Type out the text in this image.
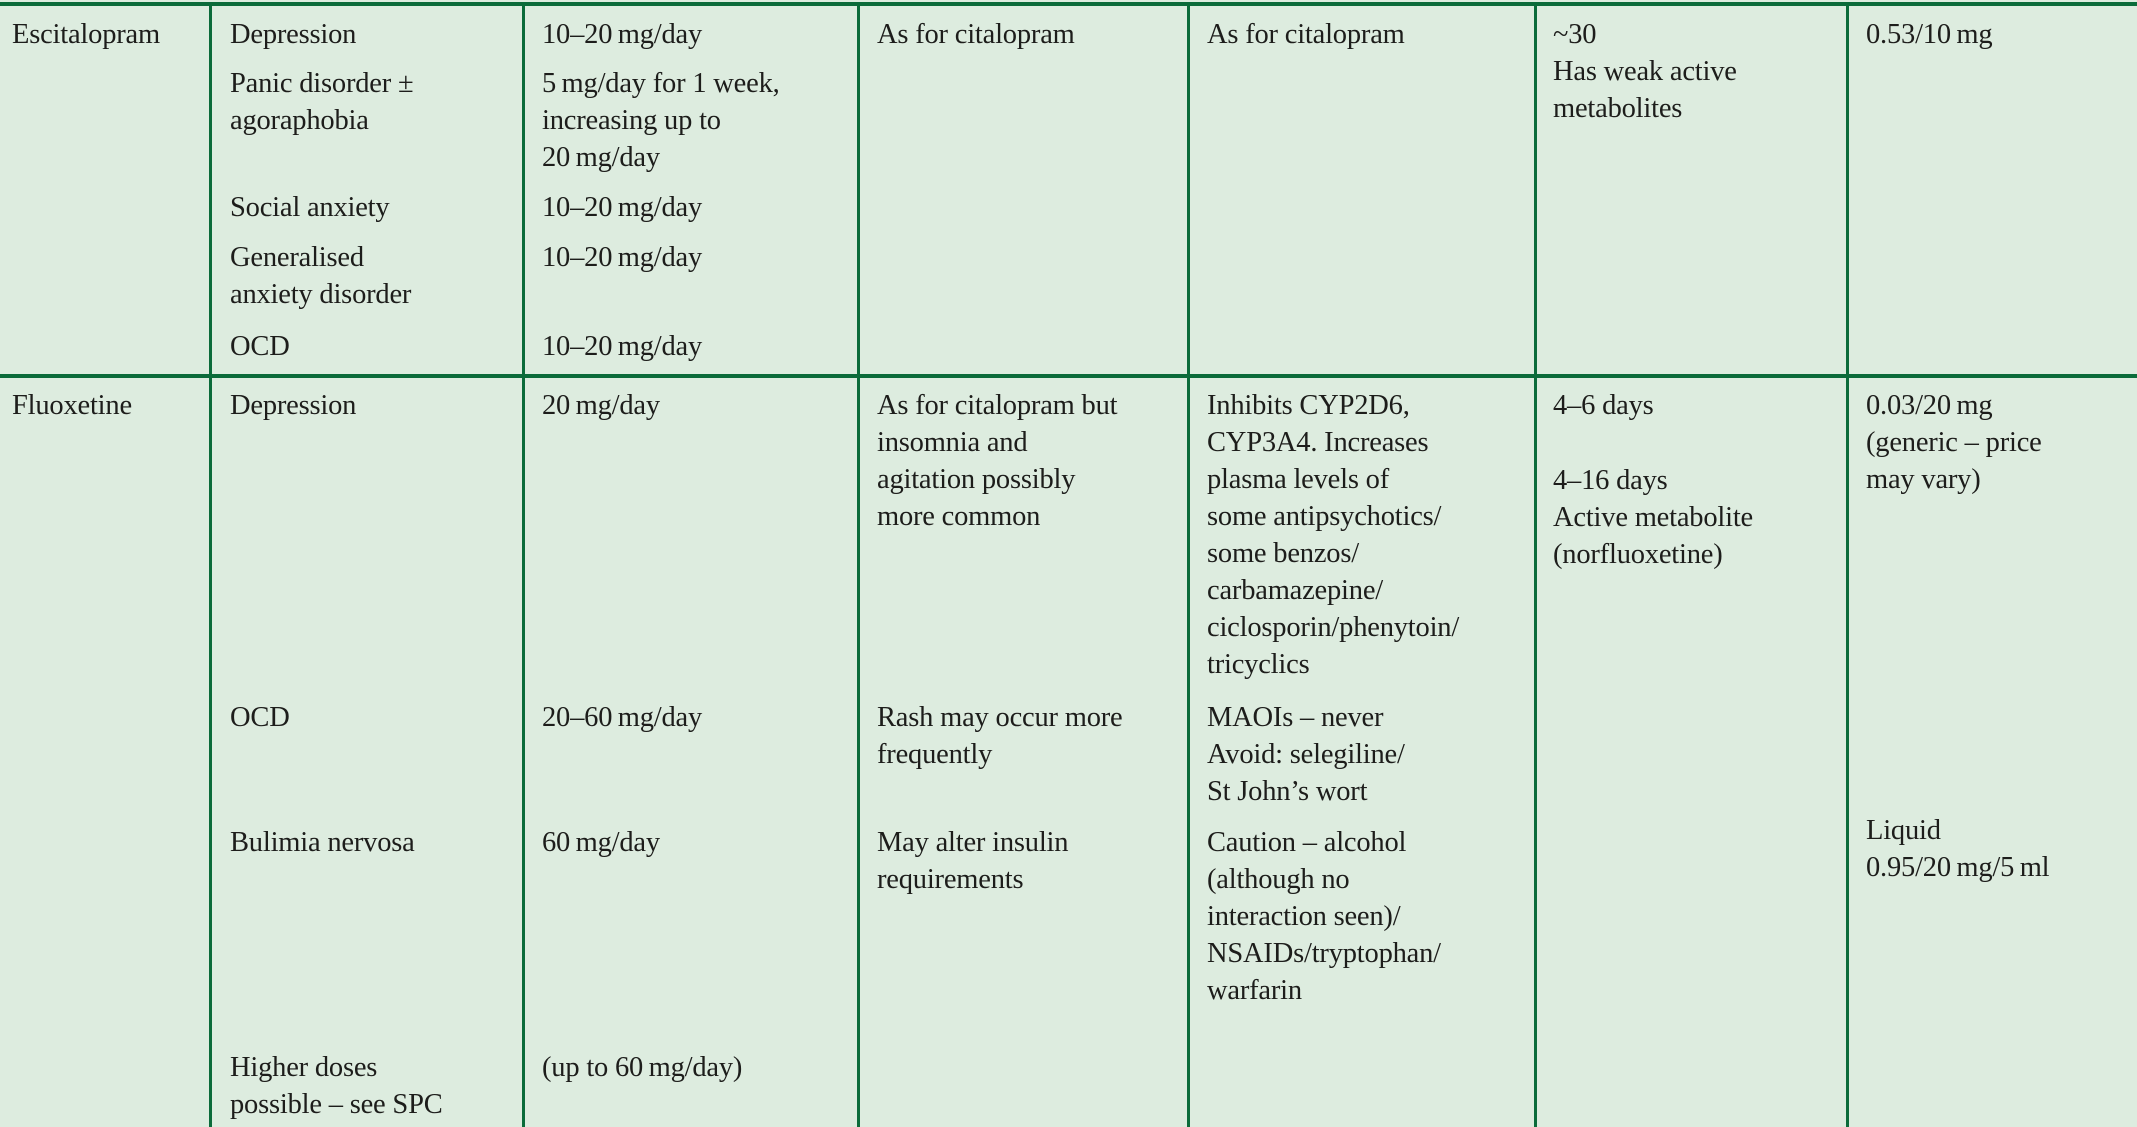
Escitalopram
Fluoxetine
Depression
Panic disorder ±
agoraphobia
Social anxiety
Generalised
anxiety disorder
OCD
Depression
OCD
Bulimia nervosa
Higher doses
possible – see SPC
10–20 mg/day
5 mg/day for 1 week,
increasing up to
20 mg/day
10–20 mg/day
10–20 mg/day
10–20 mg/day
20 mg/day
20–60 mg/day
60 mg/day
(up to 60 mg/day)
As for citalopram
As for citalopram but
insomnia and
agitation possibly
more common
Rash may occur more
frequently
May alter insulin
requirements
As for citalopram
Inhibits CYP2D6,
CYP3A4. Increases
plasma levels of
some antipsychotics/
some benzos/
carbamazepine/
ciclosporin/phenytoin/
tricyclics
MAOIs – never
Avoid: selegiline/
St John’s wort
Caution – alcohol
(although no
interaction seen)/
NSAIDs/tryptophan/
warfarin
~30
Has weak active
metabolites
4–6 days
4–16 days
Active metabolite
(norfluoxetine)
0.53/10 mg
0.03/20 mg
(generic – price
may vary)
Liquid
0.95/20 mg/5 ml
